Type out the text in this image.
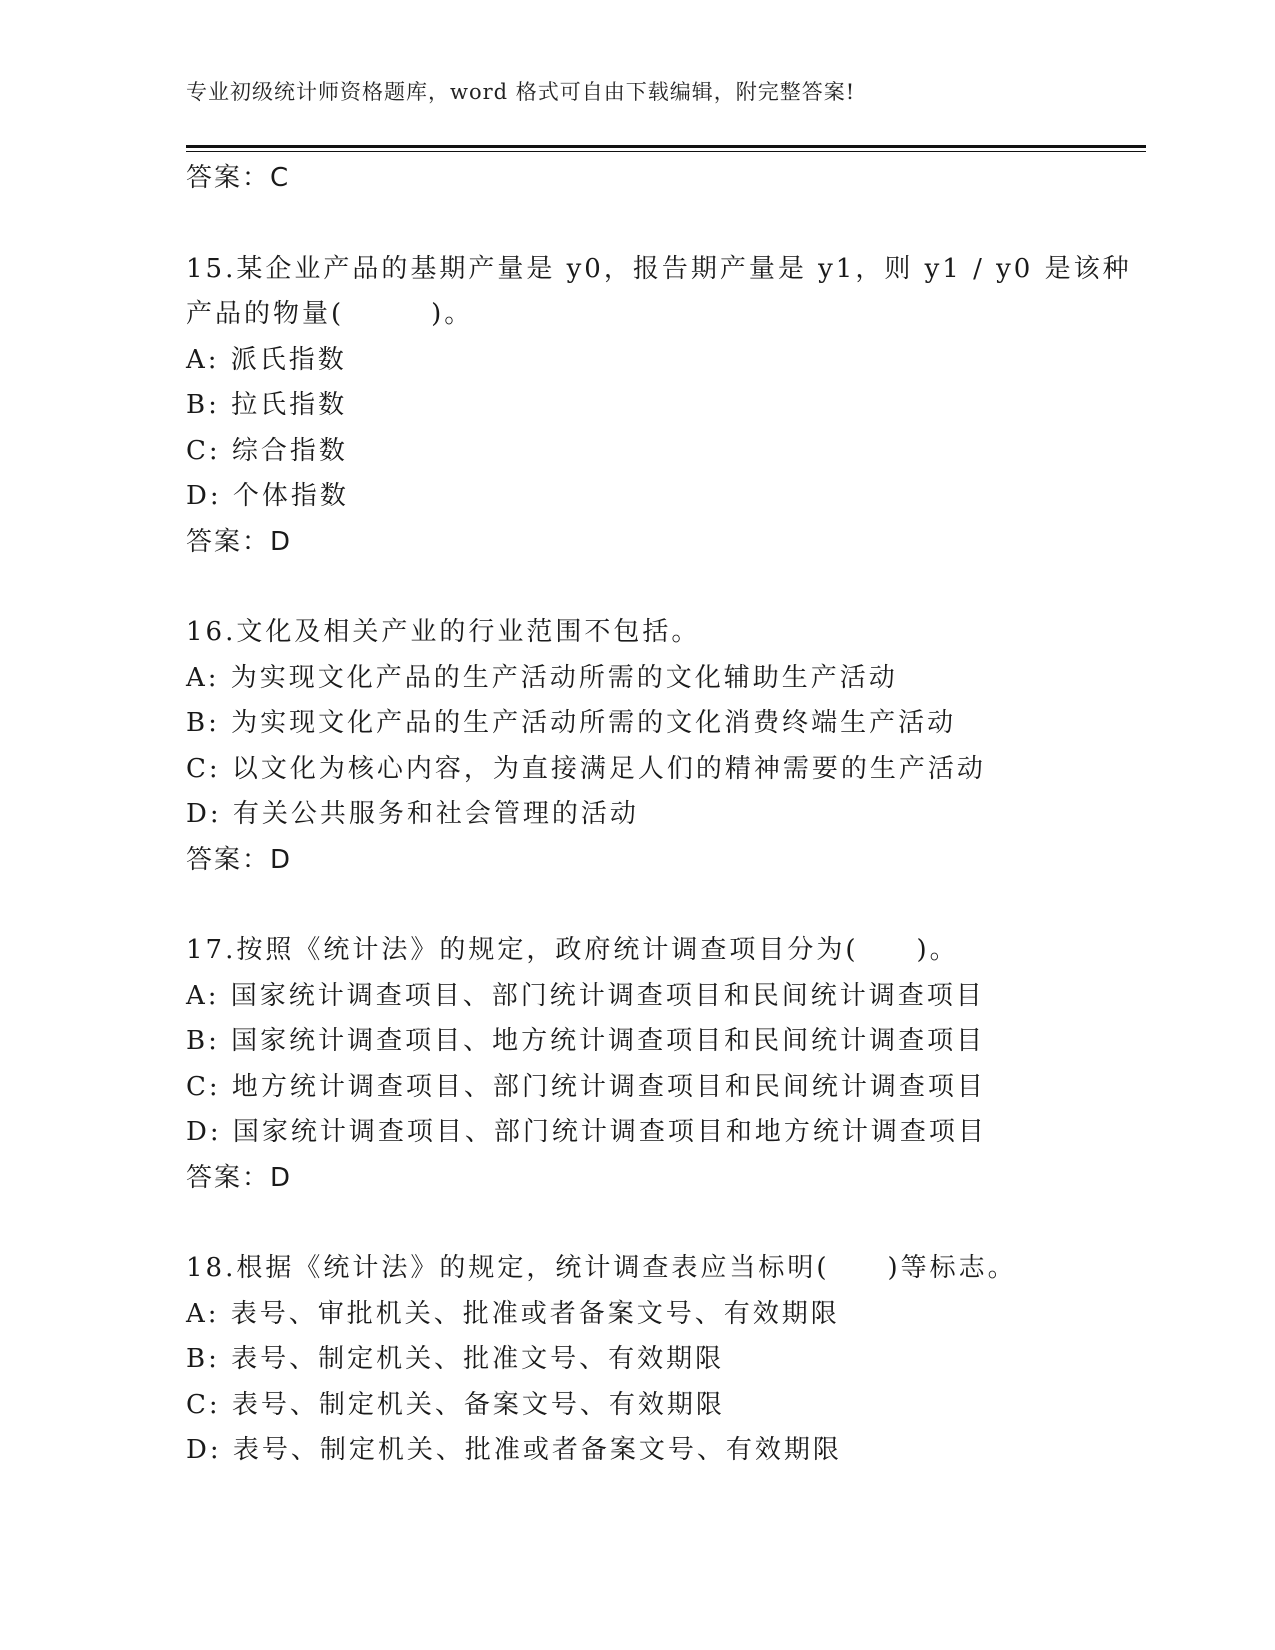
专业初级统计师资格题库，word 格式可自由下载编辑，附完整答案!
答案：C
15.某企业产品的基期产量是 y0，报告期产量是 y1，则 y1 / y0 是该种
产品的物量(　　　)。
A: 派氏指数
B: 拉氏指数
C: 综合指数
D: 个体指数
答案：D
16.文化及相关产业的行业范围不包括。
A: 为实现文化产品的生产活动所需的文化辅助生产活动
B: 为实现文化产品的生产活动所需的文化消费终端生产活动
C: 以文化为核心内容，为直接满足人们的精神需要的生产活动
D: 有关公共服务和社会管理的活动
答案：D
17.按照《统计法》的规定，政府统计调查项目分为(　　)。
A: 国家统计调查项目、部门统计调查项目和民间统计调查项目
B: 国家统计调查项目、地方统计调查项目和民间统计调查项目
C: 地方统计调查项目、部门统计调查项目和民间统计调查项目
D: 国家统计调查项目、部门统计调查项目和地方统计调查项目
答案：D
18.根据《统计法》的规定，统计调查表应当标明(　　)等标志。
A: 表号、审批机关、批准或者备案文号、有效期限
B: 表号、制定机关、批准文号、有效期限
C: 表号、制定机关、备案文号、有效期限
D: 表号、制定机关、批准或者备案文号、有效期限
